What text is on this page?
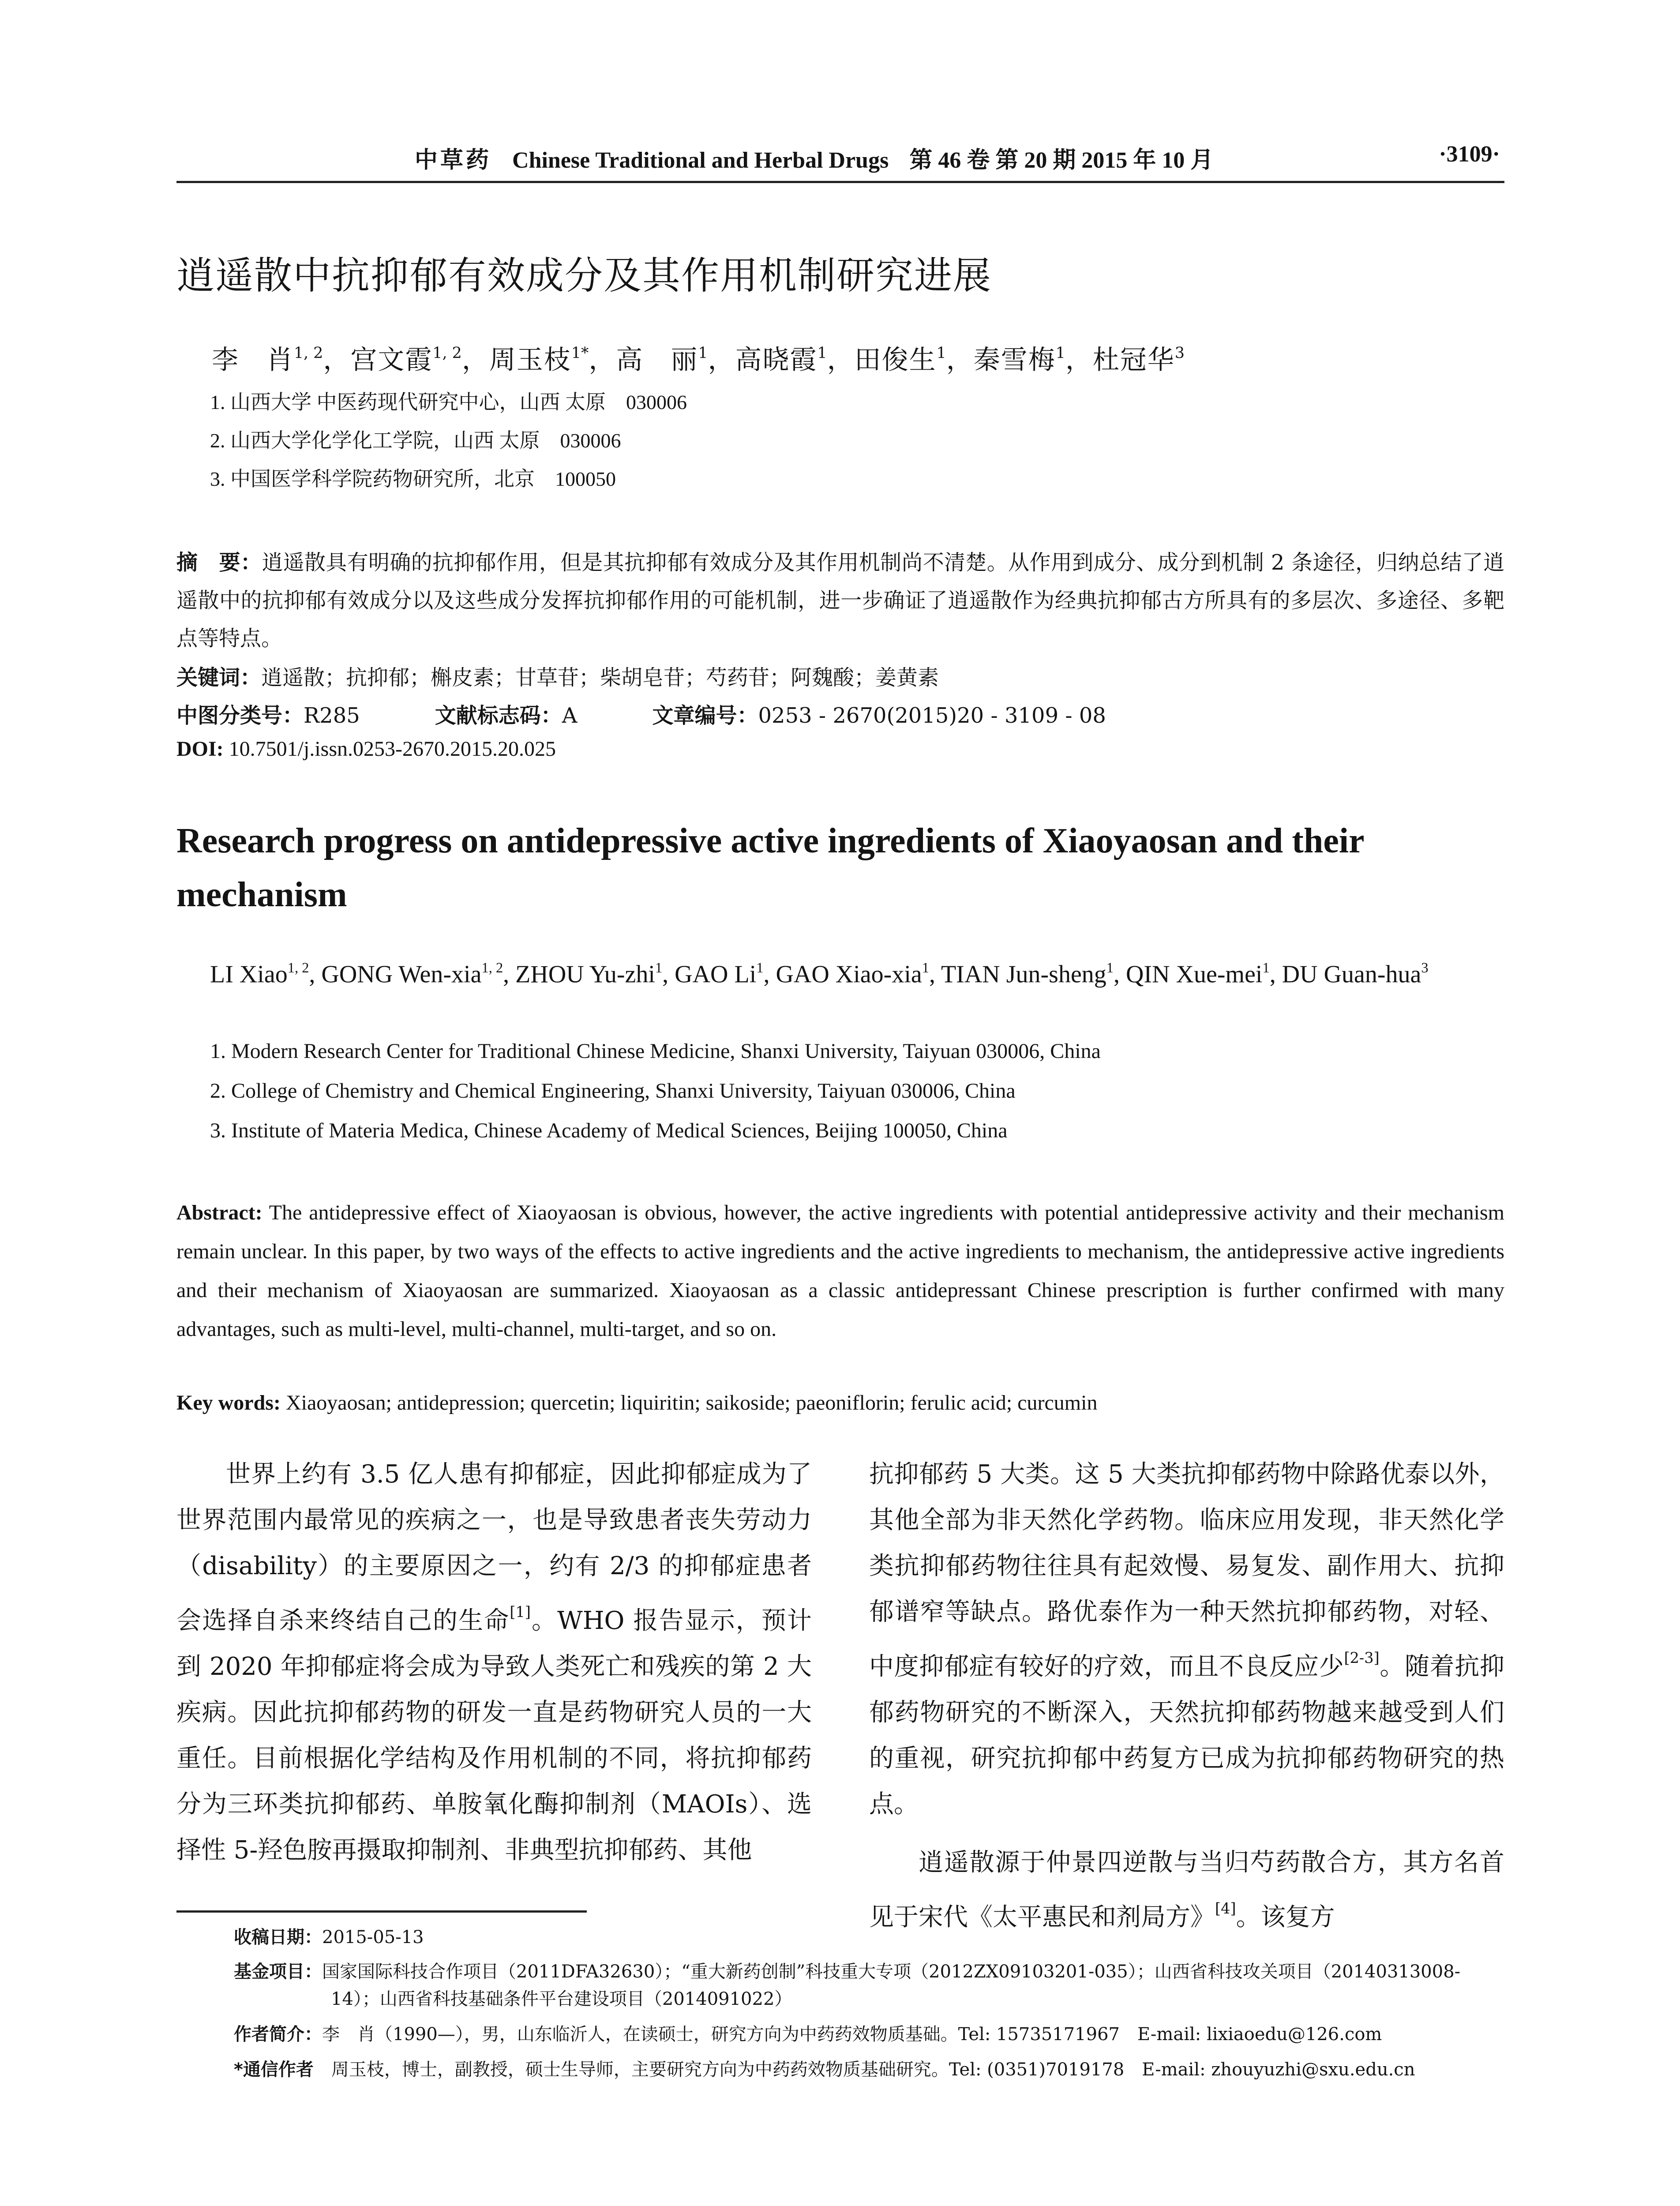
中草药 Chinese Traditional and Herbal Drugs 第 46 卷 第 20 期 2015 年 10 月	·3109·
逍遥散中抗抑郁有效成分及其作用机制研究进展
李　肖$^{1, 2}$，宫文霞$^{1, 2}$，周玉枝$^{1*}$，高　丽$^1$，高晓霞$^1$，田俊生$^1$，秦雪梅$^1$，杜冠华$^3$
1. 山西大学 中医药现代研究中心，山西 太原　030006
2. 山西大学化学化工学院，山西 太原　030006
3. 中国医学科学院药物研究所，北京　100050
摘　要：逍遥散具有明确的抗抑郁作用，但是其抗抑郁有效成分及其作用机制尚不清楚。从作用到成分、成分到机制 2 条途径，归纳总结了逍遥散中的抗抑郁有效成分以及这些成分发挥抗抑郁作用的可能机制，进一步确证了逍遥散作为经典抗抑郁古方所具有的多层次、多途径、多靶点等特点。
关键词：逍遥散；抗抑郁；槲皮素；甘草苷；柴胡皂苷；芍药苷；阿魏酸；姜黄素
中图分类号：R285	文献标志码：A	文章编号：0253 - 2670(2015)20 - 3109 - 08
DOI: 10.7501/j.issn.0253-2670.2015.20.025
Research progress on antidepressive active ingredients of Xiaoyaosan and their mechanism
LI Xiao$^{1, 2}$, GONG Wen-xia$^{1, 2}$, ZHOU Yu-zhi$^1$, GAO Li$^1$, GAO Xiao-xia$^1$, TIAN Jun-sheng$^1$, QIN Xue-mei$^1$, DU Guan-hua$^3$
1. Modern Research Center for Traditional Chinese Medicine, Shanxi University, Taiyuan 030006, China
2. College of Chemistry and Chemical Engineering, Shanxi University, Taiyuan 030006, China
3. Institute of Materia Medica, Chinese Academy of Medical Sciences, Beijing 100050, China
Abstract: The antidepressive effect of Xiaoyaosan is obvious, however, the active ingredients with potential antidepressive activity and their mechanism remain unclear. In this paper, by two ways of the effects to active ingredients and the active ingredients to mechanism, the antidepressive active ingredients and their mechanism of Xiaoyaosan are summarized. Xiaoyaosan as a classic antidepressant Chinese prescription is further confirmed with many advantages, such as multi-level, multi-channel, multi-target, and so on.
Key words: Xiaoyaosan; antidepression; quercetin; liquiritin; saikoside; paeoniflorin; ferulic acid; curcumin

世界上约有 3.5 亿人患有抑郁症，因此抑郁症成为了世界范围内最常见的疾病之一，也是导致患者丧失劳动力（disability）的主要原因之一，约有 2/3 的抑郁症患者会选择自杀来终结自己的生命[1]。WHO 报告显示，预计到 2020 年抑郁症将会成为导致人类死亡和残疾的第 2 大疾病。因此抗抑郁药物的研发一直是药物研究人员的一大重任。目前根据化学结构及作用机制的不同，将抗抑郁药分为三环类抗抑郁药、单胺氧化酶抑制剂（MAOIs）、选择性 5-羟色胺再摄取抑制剂、非典型抗抑郁药、其他

抗抑郁药 5 大类。这 5 大类抗抑郁药物中除路优泰以外，其他全部为非天然化学药物。临床应用发现，非天然化学类抗抑郁药物往往具有起效慢、易复发、副作用大、抗抑郁谱窄等缺点。路优泰作为一种天然抗抑郁药物，对轻、中度抑郁症有较好的疗效，而且不良反应少[2-3]。随着抗抑郁药物研究的不断深入，天然抗抑郁药物越来越受到人们的重视，研究抗抑郁中药复方已成为抗抑郁药物研究的热点。

逍遥散源于仲景四逆散与当归芍药散合方，其方名首见于宋代《太平惠民和剂局方》[4]。该复方

收稿日期：2015-05-13
基金项目：国家国际科技合作项目（2011DFA32630）；“重大新药创制”科技重大专项（2012ZX09103201-035）；山西省科技攻关项目（20140313008-
14）；山西省科技基础条件平台建设项目（2014091022）
作者简介：李　肖（1990—），男，山东临沂人，在读硕士，研究方向为中药药效物质基础。Tel: 15735171967　E-mail: lixiaoedu@126.com
*通信作者　 周玉枝，博士，副教授，硕士生导师，主要研究方向为中药药效物质基础研究。Tel: (0351)7019178　E-mail: zhouyuzhi@sxu.edu.cn
